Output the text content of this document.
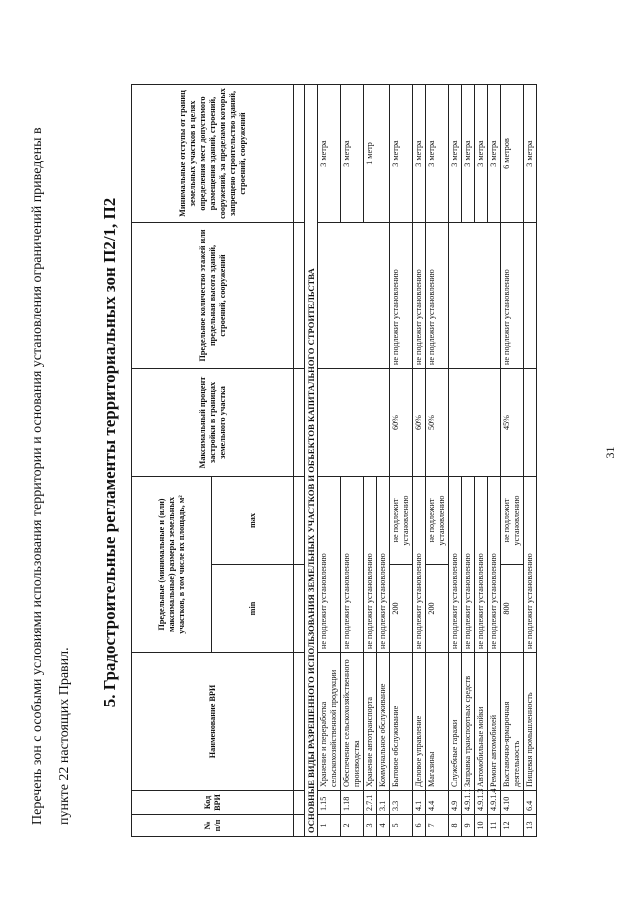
31
Перечень зон с особыми условиями использования территории и основания установления ограничений приведены в пункте 22 настоящих Правил.
5. Градостроительные регламенты территориальных зон П2/1, П2
№ п/п	Код ВРИ	Наименование ВРИ	Предельные (минимальные и (или) максимальные) размеры земельных участков, в том числе их площадь, м²		Максимальный процент застройки в границах земельного участка	Предельное количество этажей или предельная высота зданий, строений, сооружений	Минимальные отступы от границ земельных участков в целях определения мест допустимого размещения зданий, строений, сооружений, за пределами которых запрещено строительство зданий, строений, сооружений
			min	max			

ОСНОВНЫЕ ВИДЫ РАЗРЕШЕННОГО ИСПОЛЬЗОВАНИЯ ЗЕМЕЛЬНЫХ УЧАСТКОВ И ОБЪЕКТОВ КАПИТАЛЬНОГО СТРОИТЕЛЬСТВА							
1	1.15	Хранение и переработка сельскохозяйственной продукции	не подлежит установлению				3 метра
2	1.18	Обеспечение сельскохозяйственного производства	не подлежит установлению				3 метра
3	2.7.1	Хранение автотранспорта	не подлежит установлению				1 метр
4	3.1	Коммунальное обслуживание	не подлежит установлению				
5	3.3	Бытовое обслуживание	200	не подлежит установлению	60%	не подлежит установлению	3 метра
6	4.1	Деловое управление	не подлежит установлению		60%	не подлежит установлению	3 метра
7	4.4	Магазины	200	не подлежит установлению	50%	не подлежит установлению	3 метра
8	4.9	Служебные гаражи	не подлежит установлению				3 метра
9	4.9.1.1	Заправка транспортных средств	не подлежит установлению				3 метра
10	4.9.1.3	Автомобильные мойки	не подлежит установлению				3 метра
11	4.9.1.4	Ремонт автомобилей	не подлежит установлению				3 метра
12	4.10	Выставочно-ярмарочная деятельность	800	не подлежит установлению	45%	не подлежит установлению	6 метров
13	6.4	Пищевая промышленность	не подлежит установлению				3 метра
